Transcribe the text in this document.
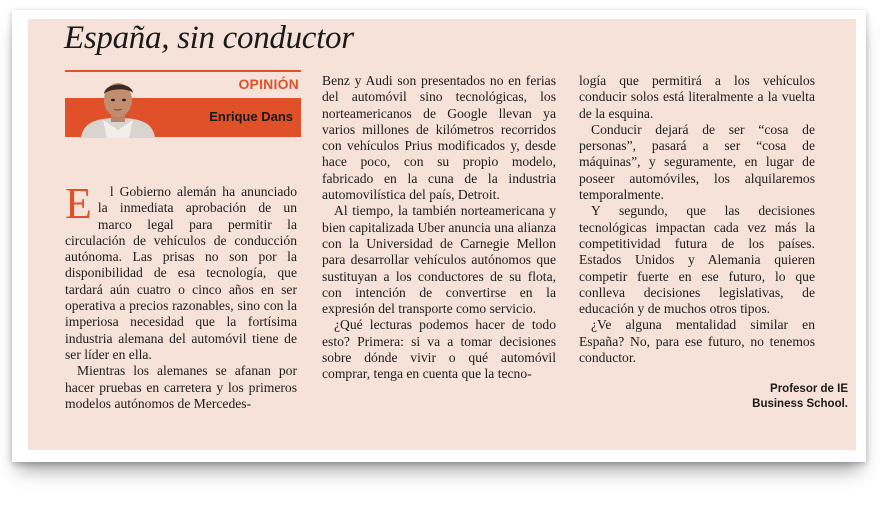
España, sin conductor
OPINIÓN
Enrique Dans
E	l Gobierno alemán ha anunciado la inmediata aprobación de un marco legal para permitir la circulación de vehículos de conducción autónoma. Las prisas no son por la disponibilidad de esa tecnología, que tardará aún cuatro o cinco años en ser operativa a precios razonables, sino con la imperiosa necesidad que la fortísima industria alemana del automóvil tiene de ser líder en ella.

Mientras los alemanes se afanan por hacer pruebas en carretera y los primeros modelos autónomos de Mercedes-

Benz y Audi son presentados no en ferias del automóvil sino tecnológicas, los norteamericanos de Google llevan ya varios millones de kilómetros recorridos con vehículos Prius modificados y, desde hace poco, con su propio modelo, fabricado en la cuna de la industria automovilística del país, Detroit.

Al tiempo, la también norteamericana y bien capitalizada Uber anuncia una alianza con la Universidad de Carnegie Mellon para desarrollar vehículos autónomos que sustituyan a los conductores de su flota, con intención de convertirse en la expresión del transporte como servicio.

¿Qué lecturas podemos hacer de todo esto? Primera: si va a tomar decisiones sobre dónde vivir o qué automóvil comprar, tenga en cuenta que la tecno-

logía que permitirá a los vehículos conducir solos está literalmente a la vuelta de la esquina.

Conducir dejará de ser “cosa de personas”, pasará a ser “cosa de máquinas”, y seguramente, en lugar de poseer automóviles, los alquilaremos temporalmente.

Y segundo, que las decisiones tecnológicas impactan cada vez más la competitividad futura de los países. Estados Unidos y Alemania quieren competir fuerte en ese futuro, lo que conlleva decisiones legislativas, de educación y de muchos otros tipos.

¿Ve alguna mentalidad similar en España? No, para ese futuro, no tenemos conductor.

Profesor de IE
Business School.
